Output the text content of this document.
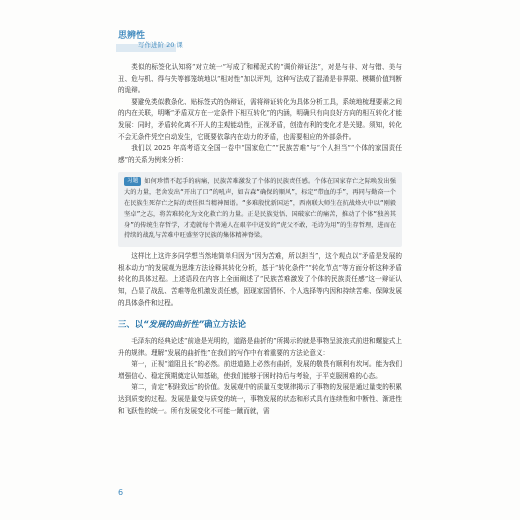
思辨性
写作进阶 20 课

类似的标签化认知将“对立统一”写成了和稀泥式的“调价辩证法”，对是与非、对与错、美与丑、危与机、得与失等都笼统地以“相对性”加以评判，这种写法成了混淆是非界限、模糊价值判断的诡辩。

要避免类似教条化、贴标签式的伪辩证，需将辩证转化为具体分析工具，系统地梳理要素之间的内在关联，明晰“矛盾双方在一定条件下相互转化”的内涵，明确只有向良好方向的相互转化才能发展：同时，矛盾转化离不开人的主观能动性，正视矛盾，创造有利的变化才是关键。须知，转化不会无条件凭空自动发生，它既要依靠内在动力的矛盾，也需要相应的外部条件。

我们以 2025 年高考语文全国一卷中“国家危亡”“民族苦难”与“个人担当”“个体的家国责任感”的关系为例来分析：

习题 如何珍惜不起手的病痛，民族苦难激发了个体的民族责任感。个体在国家存亡之际唤发出强大的力量，老舍发出“开出了口”的吼声，如吉森“确保的顺风”，标定“带血的手”，再同与勤奋一个在民族生死存亡之际的责任担当精神图谱。“多难殷忧新国运”，西南联大师生在抗战烽火中以“刚毅坚卓”之志，将苦难转化为文化救亡的力量。正是民族觉悟、国破家亡的痛苦，推动了个体“独善其身”的传统生存哲学，才造就每个普通人在艰辛中迸发的“虎父不敢，毛诗为用”的生存哲理，进而在持续的战乱与苦难中旺盛坚守民族的集体精神脊梁。

这样比上这许多同学想当然地简单归因为“因为苦难，所以担当”，这个观点以“矛盾是发展的根本动力”的发展观为思维方法诠释其转化分析，基于“转化条件”“转化节点”等方面分析这种矛盾转化的具体过程。上述语段在内容上全面阐述了“民族苦难激发了个体的民族责任感”这一辩证认知，凸显了战乱、苦难等危机激发责任感，固现家国情怀、个人选择等内因和持续苦难、保障发展的具体条件和过程。

三、以“发展的曲折性”确立方法论

毛泽东的经典论述“前途是光明的，道路是曲折的”所揭示的就是事物呈波浪式前进和螺旋式上升的规律。理解“发展的曲折性”在我们的写作中有着重要的方法论意义：

第一，正视“道阻且长”的必然。前进道路上必然有曲折，发展的敬畏有顺利有坎坷。能为我们增强信心、稳定预期奠定认知基础，使我们能够于困时持后与考验，于平克服困难的心态。

第二，肯定“积跬致远”的价值。发展观中的质量互变规律揭示了事物的发展是通过量变的积累达到质变的过程。发展是量变与质变的统一，事物发展的状态和形式具有连续性和中断性、渐进性和飞跃性的统一。所有发展变化不可能一蹴而就，需

6
